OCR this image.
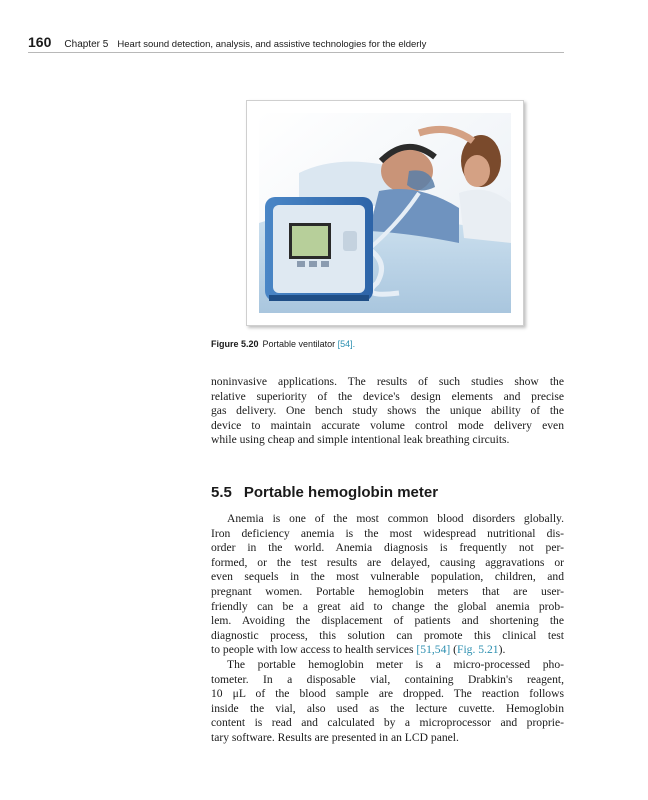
160 Chapter 5 Heart sound detection, analysis, and assistive technologies for the elderly
Figure 5.20 Portable ventilator [54].
noninvasive applications. The results of such studies show the
relative superiority of the device's design elements and precise
gas delivery. One bench study shows the unique ability of the
device to maintain accurate volume control mode delivery even
while using cheap and simple intentional leak breathing circuits.
5.5 Portable hemoglobin meter
Anemia is one of the most common blood disorders globally.
Iron deficiency anemia is the most widespread nutritional dis-
order in the world. Anemia diagnosis is frequently not per-
formed, or the test results are delayed, causing aggravations or
even sequels in the most vulnerable population, children, and
pregnant women. Portable hemoglobin meters that are user-
friendly can be a great aid to change the global anemia prob-
lem. Avoiding the displacement of patients and shortening the
diagnostic process, this solution can promote this clinical test
to people with low access to health services [51,54] (Fig. 5.21).
The portable hemoglobin meter is a micro-processed pho-
tometer. In a disposable vial, containing Drabkin's reagent,
10 μL of the blood sample are dropped. The reaction follows
inside the vial, also used as the lecture cuvette. Hemoglobin
content is read and calculated by a microprocessor and proprie-
tary software. Results are presented in an LCD panel.
